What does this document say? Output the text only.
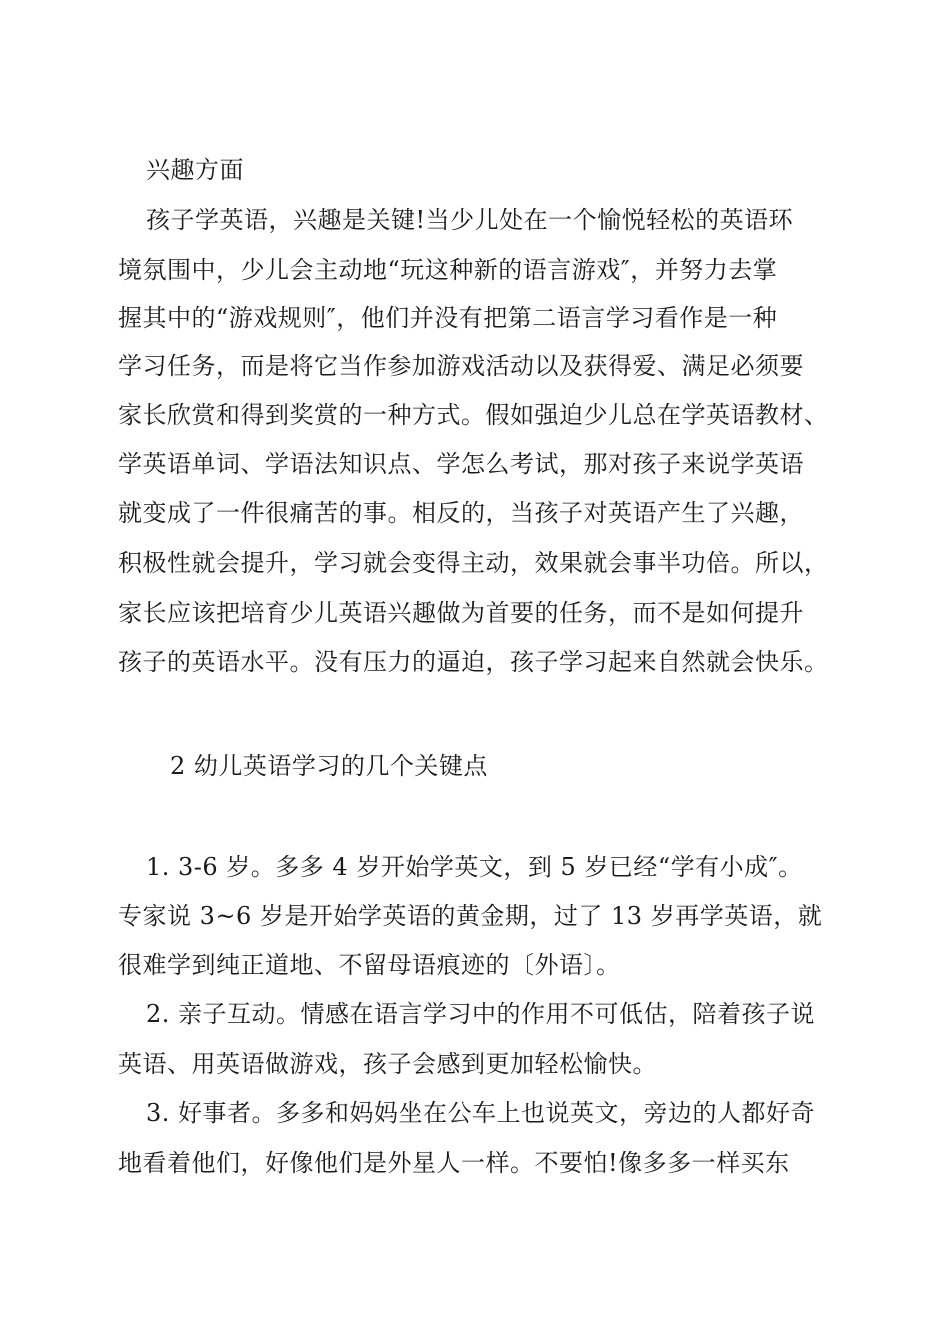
兴趣方面
孩子学英语，兴趣是关键!当少儿处在一个愉悦轻松的英语环
境氛围中，少儿会主动地“玩这种新的语言游戏″，并努力去掌
握其中的“游戏规则″，他们并没有把第二语言学习看作是一种
学习任务，而是将它当作参加游戏活动以及获得爱、满足必须要
家长欣赏和得到奖赏的一种方式。假如强迫少儿总在学英语教材、
学英语单词、学语法知识点、学怎么考试，那对孩子来说学英语
就变成了一件很痛苦的事。相反的，当孩子对英语产生了兴趣，
积极性就会提升，学习就会变得主动，效果就会事半功倍。所以，
家长应该把培育少儿英语兴趣做为首要的任务，而不是如何提升
孩子的英语水平。没有压力的逼迫，孩子学习起来自然就会快乐。
2 幼儿英语学习的几个关键点
1. 3-6 岁。多多 4 岁开始学英文，到 5 岁已经“学有小成″。
专家说 3~6 岁是开始学英语的黄金期，过了 13 岁再学英语，就
很难学到纯正道地、不留母语痕迹的〔外语〕。
2. 亲子互动。情感在语言学习中的作用不可低估，陪着孩子说
英语、用英语做游戏，孩子会感到更加轻松愉快。
3. 好事者。多多和妈妈坐在公车上也说英文，旁边的人都好奇
地看着他们，好像他们是外星人一样。不要怕!像多多一样买东
